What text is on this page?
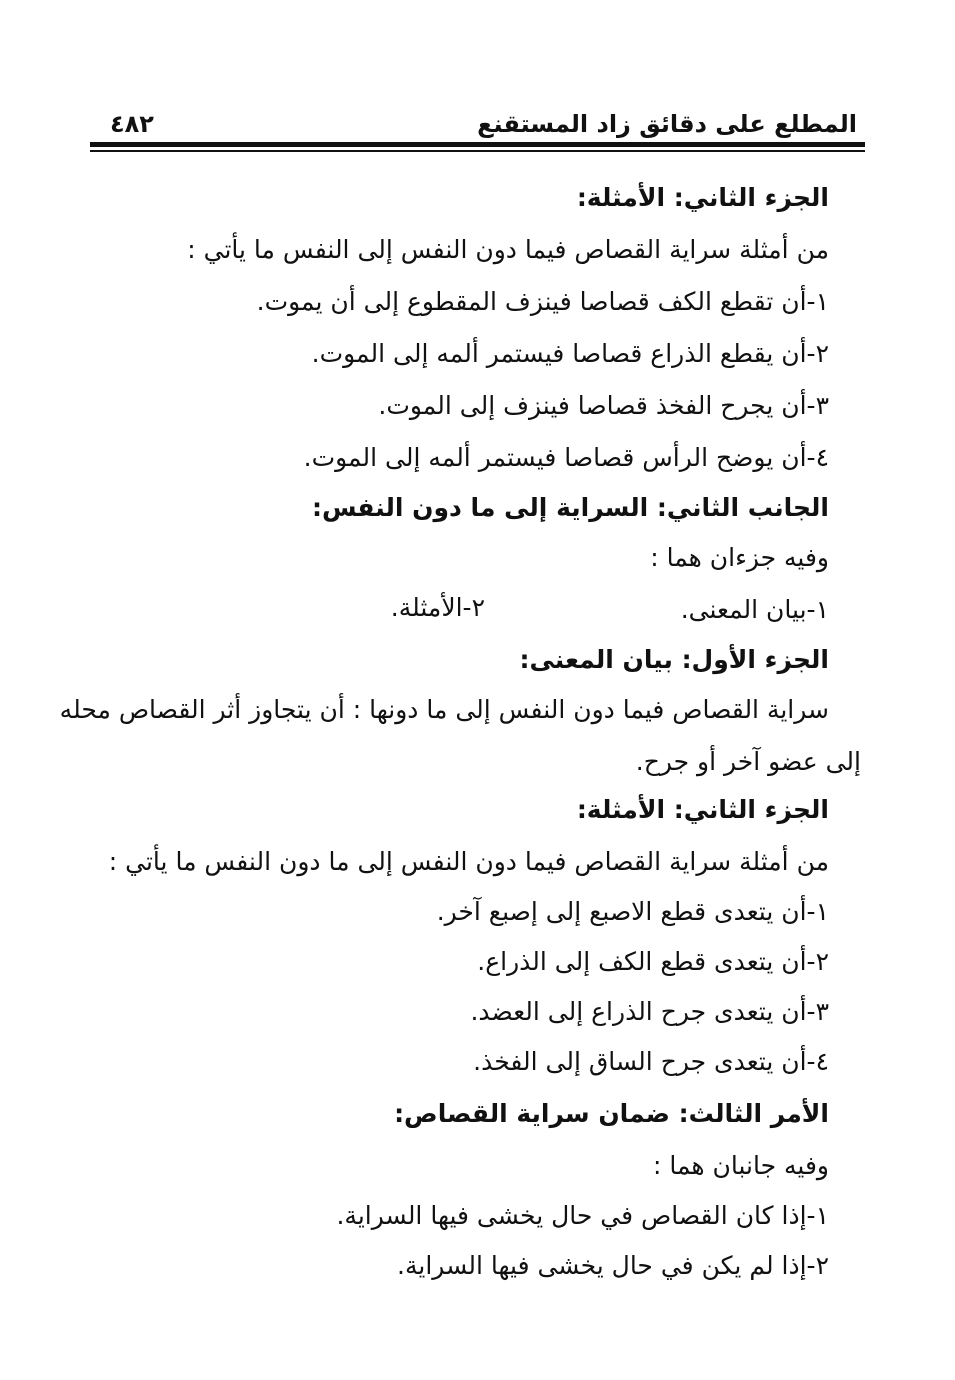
٤٨٢	المطلع على دقائق زاد المستقنع
الجزء الثاني: الأمثلة:
من أمثلة سراية القصاص فيما دون النفس إلى النفس ما يأتي :
١-أن تقطع الكف قصاصا فينزف المقطوع إلى أن يموت.
٢-أن يقطع الذراع قصاصا فيستمر ألمه إلى الموت.
٣-أن يجرح الفخذ قصاصا فينزف إلى الموت.
٤-أن يوضح الرأس قصاصا فيستمر ألمه إلى الموت.
الجانب الثاني: السراية إلى ما دون النفس:
وفيه جزءان هما :
١-بيان المعنى.
٢-الأمثلة.
الجزء الأول: بيان المعنى:
سراية القصاص فيما دون النفس إلى ما دونها : أن يتجاوز أثر القصاص محله
إلى عضو آخر أو جرح.
الجزء الثاني: الأمثلة:
من أمثلة سراية القصاص فيما دون النفس إلى ما دون النفس ما يأتي :
١-أن يتعدى قطع الاصبع إلى إصبع آخر.
٢-أن يتعدى قطع الكف إلى الذراع.
٣-أن يتعدى جرح الذراع إلى العضد.
٤-أن يتعدى جرح الساق إلى الفخذ.
الأمر الثالث: ضمان سراية القصاص:
وفيه جانبان هما :
١-إذا كان القصاص في حال يخشى فيها السراية.
٢-إذا لم يكن في حال يخشى فيها السراية.
